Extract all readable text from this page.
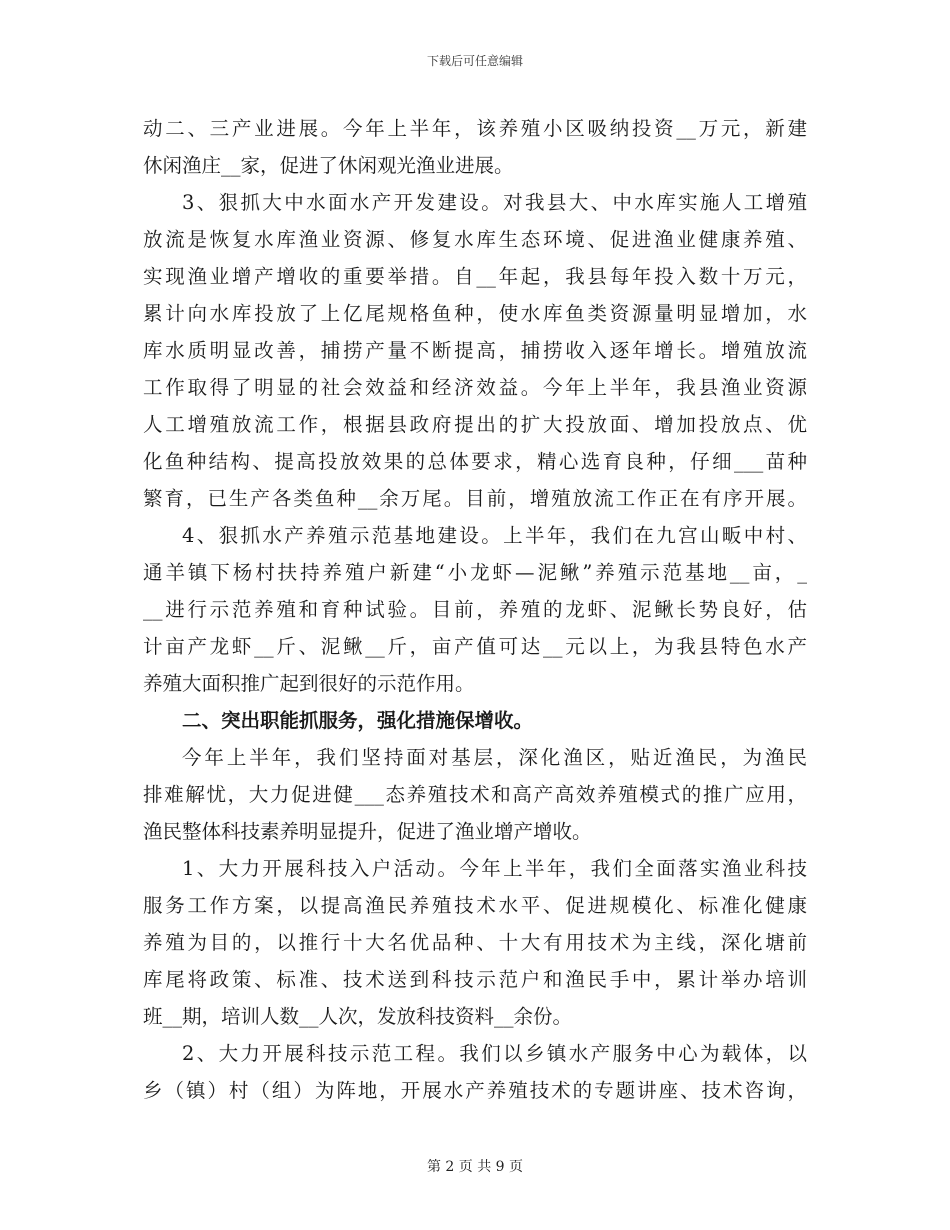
下载后可任意编辑
动二、三产业进展。今年上半年，该养殖小区吸纳投资__万元，新建
休闲渔庄__家，促进了休闲观光渔业进展。
3、狠抓大中水面水产开发建设。对我县大、中水库实施人工增殖
放流是恢复水库渔业资源、修复水库生态环境、促进渔业健康养殖、
实现渔业增产增收的重要举措。自__年起，我县每年投入数十万元，
累计向水库投放了上亿尾规格鱼种，使水库鱼类资源量明显增加，水
库水质明显改善，捕捞产量不断提高，捕捞收入逐年增长。增殖放流
工作取得了明显的社会效益和经济效益。今年上半年，我县渔业资源
人工增殖放流工作，根据县政府提出的扩大投放面、增加投放点、优
化鱼种结构、提高投放效果的总体要求，精心选育良种，仔细___苗种
繁育，已生产各类鱼种__余万尾。目前，增殖放流工作正在有序开展。
4、狠抓水产养殖示范基地建设。上半年，我们在九宫山畈中村、
通羊镇下杨村扶持养殖户新建“小龙虾—泥鳅”养殖示范基地__亩，_
__进行示范养殖和育种试验。目前，养殖的龙虾、泥鳅长势良好，估
计亩产龙虾__斤、泥鳅__斤，亩产值可达__元以上，为我县特色水产
养殖大面积推广起到很好的示范作用。
二、突出职能抓服务，强化措施保增收。
今年上半年，我们坚持面对基层，深化渔区，贴近渔民，为渔民
排难解忧，大力促进健___态养殖技术和高产高效养殖模式的推广应用，
渔民整体科技素养明显提升，促进了渔业增产增收。
1、大力开展科技入户活动。今年上半年，我们全面落实渔业科技
服务工作方案，以提高渔民养殖技术水平、促进规模化、标准化健康
养殖为目的，以推行十大名优品种、十大有用技术为主线，深化塘前
库尾将政策、标准、技术送到科技示范户和渔民手中，累计举办培训
班__期，培训人数__人次，发放科技资料__余份。
2、大力开展科技示范工程。我们以乡镇水产服务中心为载体，以
乡（镇）村（组）为阵地，开展水产养殖技术的专题讲座、技术咨询，
第 2 页 共 9 页
